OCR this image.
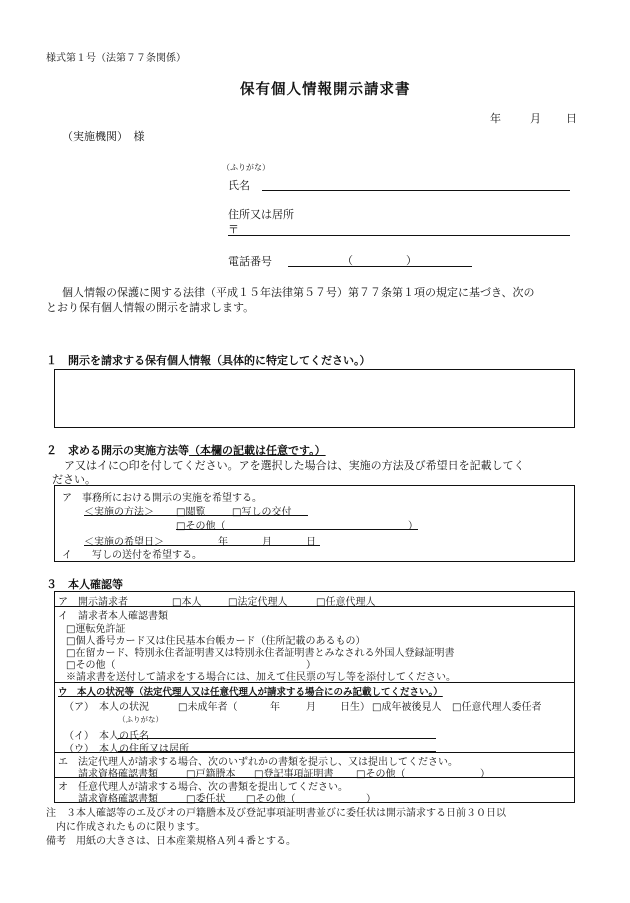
様式第１号（法第７７条関係）
保有個人情報開示請求書
年	月 日
（実施機関）　様
（ふりがな）
氏名
住所又は居所
〒
電話番号	（	）
個人情報の保護に関する法律（平成１５年法律第５７号）第７７条第１項の規定に基づき、次の
とおり保有個人情報の開示を請求します。
１　開示を請求する保有個人情報（具体的に特定してください。）
２　求める開示の実施方法等（本欄の記載は任意です。）
ア又はイに○印を付してください。アを選択した場合は、実施の方法及び希望日を記載してく
ださい。
ア　事務所における開示の実施を希望する。
＜実施の方法＞ □閲覧	□写しの交付
□その他（	）
＜実施の希望日＞	年	月	日
イ　　写しの送付を希望する。
３　本人確認等
ア　開示請求者	□本人	□法定代理人	□任意代理人
イ　請求者本人確認書類
□運転免許証
□個人番号カード又は住民基本台帳カード（住所記載のあるもの）
□在留カード、特別永住者証明書又は特別永住者証明書とみなされる外国人登録証明書
□その他（	）
※請求書を送付して請求をする場合には、加えて住民票の写し等を添付してください。
ウ　本人の状況等（法定代理人又は任意代理人が請求する場合にのみ記載してください。）
（ア）　本人の状況	□未成年者（	年	月 日生） □成年被後見人 □任意代理人委任者
（ふりがな）
（イ）　本人の氏名
（ウ）　本人の住所又は居所
エ　法定代理人が請求する場合、次のいずれかの書類を提示し、又は提出してください。
請求資格確認書類	□戸籍謄本 □登記事項証明書 □その他（	）
オ　任意代理人が請求する場合、次の書類を提出してください。
請求資格確認書類	□委任状 □その他（	）
注　３本人確認等のエ及びオの戸籍謄本及び登記事項証明書並びに委任状は開示請求する日前３０日以
内に作成されたものに限ります。
備考　用紙の大きさは、日本産業規格Ａ列４番とする。
